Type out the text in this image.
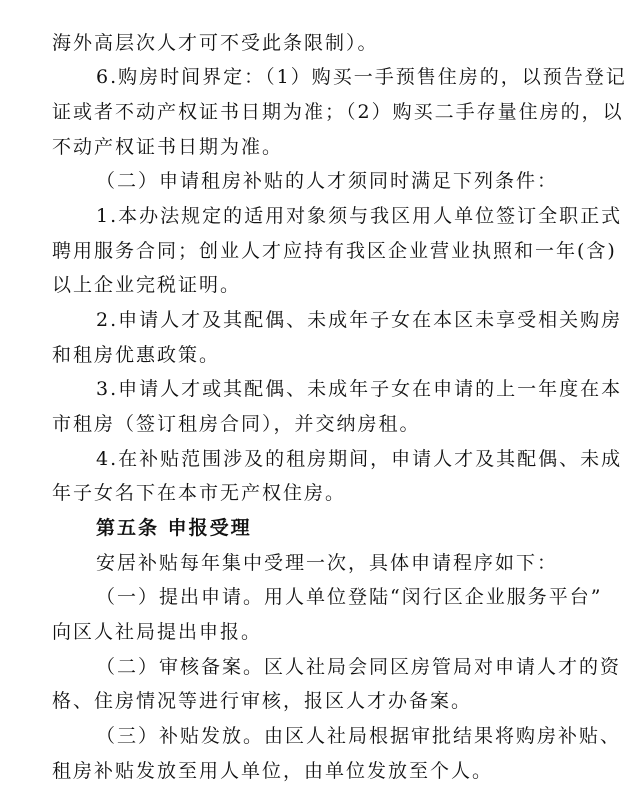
海外高层次人才可不受此条限制）。
6.购房时间界定：（1）购买一手预售住房的，以预告登记
证或者不动产权证书日期为准；（2）购买二手存量住房的，以
不动产权证书日期为准。
（二）申请租房补贴的人才须同时满足下列条件：
1.本办法规定的适用对象须与我区用人单位签订全职正式
聘用服务合同；创业人才应持有我区企业营业执照和一年(含)
以上企业完税证明。
2.申请人才及其配偶、未成年子女在本区未享受相关购房
和租房优惠政策。
3.申请人才或其配偶、未成年子女在申请的上一年度在本
市租房（签订租房合同），并交纳房租。
4.在补贴范围涉及的租房期间，申请人才及其配偶、未成
年子女名下在本市无产权住房。
第五条 申报受理
安居补贴每年集中受理一次，具体申请程序如下：
（一）提出申请。用人单位登陆“闵行区企业服务平台”
向区人社局提出申报。
（二）审核备案。区人社局会同区房管局对申请人才的资
格、住房情况等进行审核，报区人才办备案。
（三）补贴发放。由区人社局根据审批结果将购房补贴、
租房补贴发放至用人单位，由单位发放至个人。
